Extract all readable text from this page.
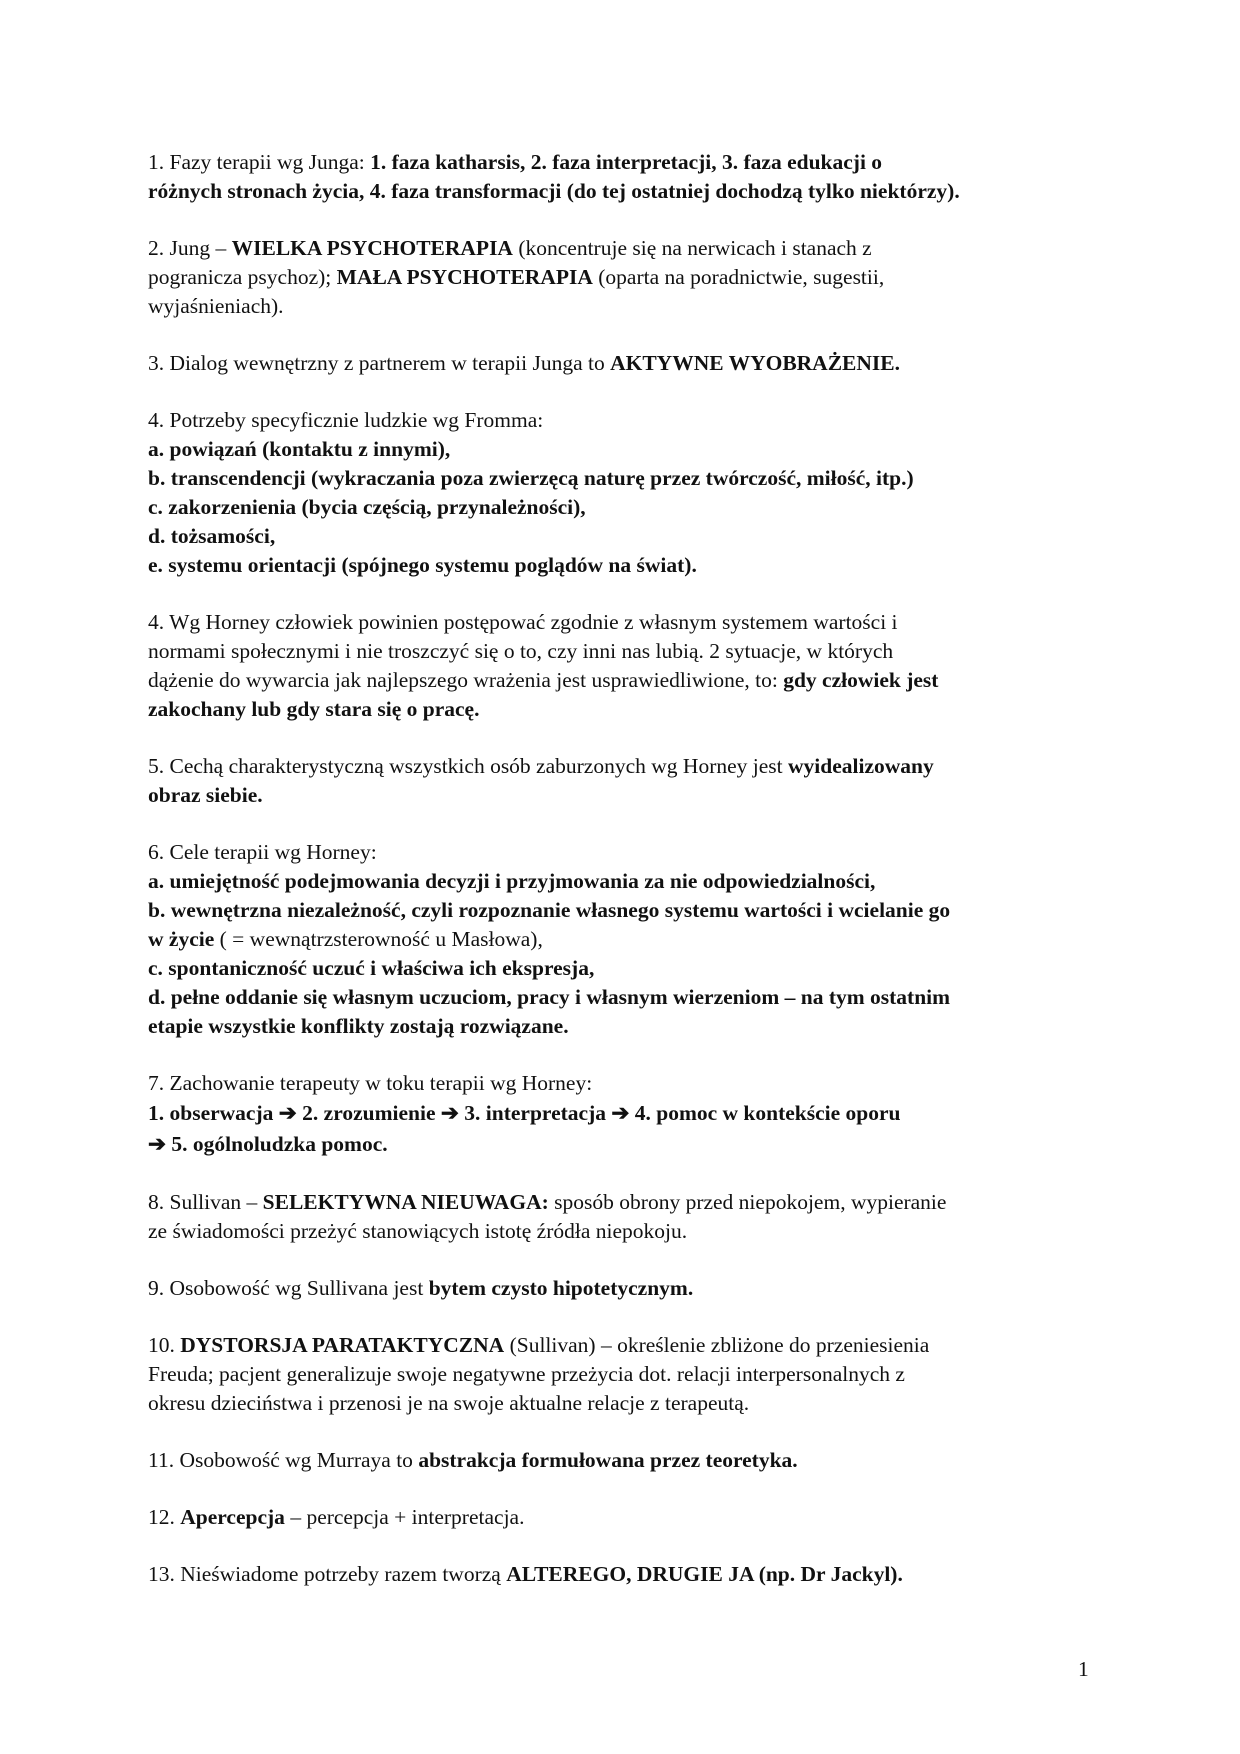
1. Fazy terapii wg Junga: 1. faza katharsis, 2. faza interpretacji, 3. faza edukacji o
różnych stronach życia, 4. faza transformacji (do tej ostatniej dochodzą tylko niektórzy).

2. Jung – WIELKA PSYCHOTERAPIA (koncentruje się na nerwicach i stanach z
pogranicza psychoz); MAŁA PSYCHOTERAPIA (oparta na poradnictwie, sugestii,
wyjaśnieniach).

3. Dialog wewnętrzny z partnerem w terapii Junga to AKTYWNE WYOBRAŻENIE.

4. Potrzeby specyficznie ludzkie wg Fromma:
a. powiązań (kontaktu z innymi),
b. transcendencji (wykraczania poza zwierzęcą naturę przez twórczość, miłość, itp.)
c. zakorzenienia (bycia częścią, przynależności),
d. tożsamości,
e. systemu orientacji (spójnego systemu poglądów na świat).

4. Wg Horney człowiek powinien postępować zgodnie z własnym systemem wartości i
normami społecznymi i nie troszczyć się o to, czy inni nas lubią. 2 sytuacje, w których
dążenie do wywarcia jak najlepszego wrażenia jest usprawiedliwione, to: gdy człowiek jest
zakochany lub gdy stara się o pracę.

5. Cechą charakterystyczną wszystkich osób zaburzonych wg Horney jest wyidealizowany
obraz siebie.

6. Cele terapii wg Horney:
a. umiejętność podejmowania decyzji i przyjmowania za nie odpowiedzialności,
b. wewnętrzna niezależność, czyli rozpoznanie własnego systemu wartości i wcielanie go
w życie ( = wewnątrzsterowność u Masłowa),
c. spontaniczność uczuć i właściwa ich ekspresja,
d. pełne oddanie się własnym uczuciom, pracy i własnym wierzeniom – na tym ostatnim
etapie wszystkie konflikty zostają rozwiązane.

7. Zachowanie terapeuty w toku terapii wg Horney:
1. obserwacja ➔ 2. zrozumienie ➔ 3. interpretacja ➔ 4. pomoc w kontekście oporu
➔ 5. ogólnoludzka pomoc.

8. Sullivan – SELEKTYWNA NIEUWAGA: sposób obrony przed niepokojem, wypieranie
ze świadomości przeżyć stanowiących istotę źródła niepokoju.

9. Osobowość wg Sullivana jest bytem czysto hipotetycznym.

10. DYSTORSJA PARATAKTYCZNA (Sullivan) – określenie zbliżone do przeniesienia
Freuda; pacjent generalizuje swoje negatywne przeżycia dot. relacji interpersonalnych z
okresu dzieciństwa i przenosi je na swoje aktualne relacje z terapeutą.

11. Osobowość wg Murraya to abstrakcja formułowana przez teoretyka.

12. Apercepcja – percepcja + interpretacja.

13. Nieświadome potrzeby razem tworzą ALTEREGO, DRUGIE JA (np. Dr Jackyl).

1
